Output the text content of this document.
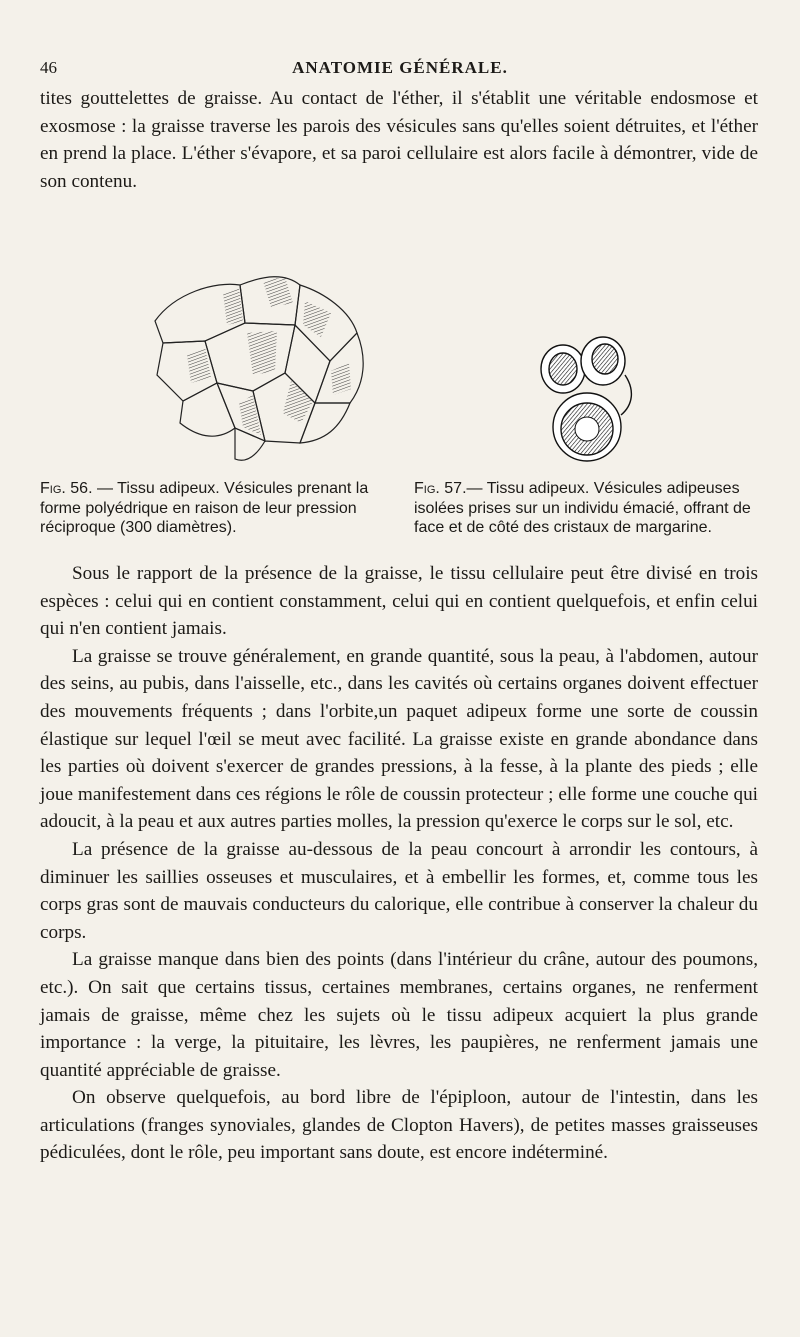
46	ANATOMIE GÉNÉRALE.

tites gouttelettes de graisse. Au contact de l'éther, il s'établit une véritable endosmose et exosmose : la graisse traverse les parois des vésicules sans qu'elles soient détruites, et l'éther en prend la place. L'éther s'évapore, et sa paroi cellulaire est alors facile à démontrer, vide de son contenu.

Fig. 56. — Tissu adipeux. Vésicules prenant la forme polyédrique en raison de leur pression réciproque (300 diamètres).

Fig. 57.— Tissu adipeux. Vésicules adipeuses isolées prises sur un individu émacié, offrant de face et de côté des cristaux de margarine.

Sous le rapport de la présence de la graisse, le tissu cellulaire peut être divisé en trois espèces : celui qui en contient constamment, celui qui en contient quelquefois, et enfin celui qui n'en contient jamais.

La graisse se trouve généralement, en grande quantité, sous la peau, à l'abdomen, autour des seins, au pubis, dans l'aisselle, etc., dans les cavités où certains organes doivent effectuer des mouvements fréquents ; dans l'orbite,un paquet adipeux forme une sorte de coussin élastique sur lequel l'œil se meut avec facilité. La graisse existe en grande abondance dans les parties où doivent s'exercer de grandes pressions, à la fesse, à la plante des pieds ; elle joue manifestement dans ces régions le rôle de coussin protecteur ; elle forme une couche qui adoucit, à la peau et aux autres parties molles, la pression qu'exerce le corps sur le sol, etc.

La présence de la graisse au-dessous de la peau concourt à arrondir les contours, à diminuer les saillies osseuses et musculaires, et à embellir les formes, et, comme tous les corps gras sont de mauvais conducteurs du calorique, elle contribue à conserver la chaleur du corps.

La graisse manque dans bien des points (dans l'intérieur du crâne, autour des poumons, etc.). On sait que certains tissus, certaines membranes, certains organes, ne renferment jamais de graisse, même chez les sujets où le tissu adipeux acquiert la plus grande importance : la verge, la pituitaire, les lèvres, les paupières, ne renferment jamais une quantité appréciable de graisse.

On observe quelquefois, au bord libre de l'épiploon, autour de l'intestin, dans les articulations (franges synoviales, glandes de Clopton Havers), de petites masses graisseuses pédiculées, dont le rôle, peu important sans doute, est encore indéterminé.
